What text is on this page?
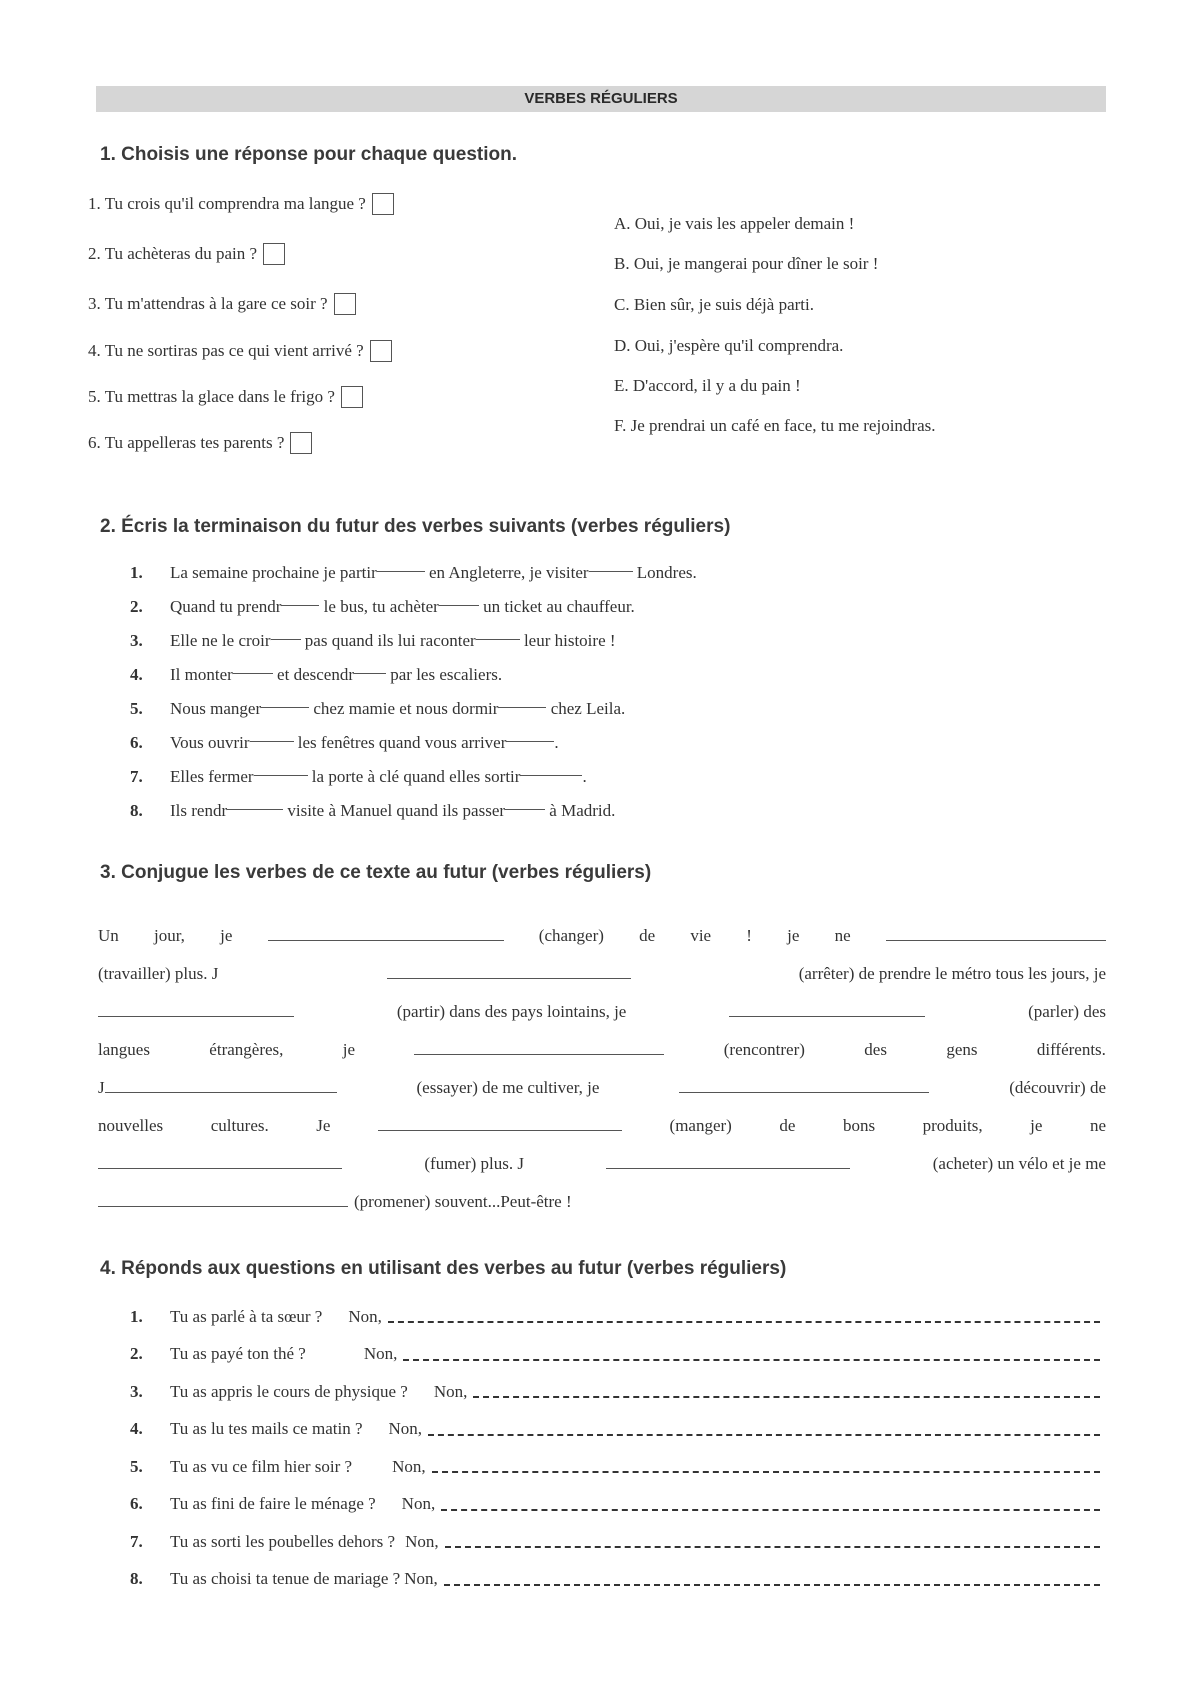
VERBES RÉGULIERS
1. Choisis une réponse pour chaque question.
1. Tu crois qu'il comprendra ma langue ?
2. Tu achèteras du pain ?
3. Tu m'attendras à la gare ce soir ?
4. Tu ne sortiras pas ce qui vient arrivé ?
5. Tu mettras la glace dans le frigo ?
6. Tu appelleras tes parents ?
A. Oui, je vais les appeler demain !
B. Oui, je mangerai pour dîner le soir !
C. Bien sûr, je suis déjà parti.
D. Oui, j'espère qu'il comprendra.
E. D'accord, il y a du pain !
F. Je prendrai un café en face, tu me rejoindras.
2. Écris la terminaison du futur des verbes suivants (verbes réguliers)
1.	La semaine prochaine je partir
	en Angleterre, je visiter
	Londres.
2.	Quand tu prendr
le bus, tu achèter
	un ticket au chauffeur.
3.	Elle ne le croir
pas quand ils lui raconter
	leur histoire !
4.	Il monter
	et descendr
par les escaliers.
5.	Nous manger
	chez mamie et nous dormir
	chez Leila.
6.	Vous ouvrir
	les fenêtres quand vous arriver	.
7.	Elles fermer
	la porte à clé quand elles sortir	.
8.	Ils rendr
	visite à Manuel quand ils passer
	à Madrid.
3. Conjugue les verbes de ce texte au futur (verbes réguliers)
Un jour, je	(changer) de vie ! je ne
(travailler) plus. J	(arrêter) de prendre le métro tous les jours, je
(partir) dans des pays lointains, je	(parler) des
langues	étrangères,	je	(rencontrer)	des	gens	différents.
J	(essayer) de me cultiver, je	(découvrir) de
nouvelles	cultures.	Je	(manger)	de	bons	produits,	je	ne
(fumer) plus. J	(acheter) un vélo et je me
(promener) souvent...Peut-être !
4. Réponds aux questions en utilisant des verbes au futur (verbes réguliers)
1.	Tu as parlé à ta sœur ? Non,
2.	Tu as payé ton thé ?	Non,
3.	Tu as appris le cours de physique ? Non,
4.	Tu as lu tes mails ce matin ? Non,
5.	Tu as vu ce film hier soir ? Non,
6.	Tu as fini de faire le ménage ? Non,
7.	Tu as sorti les poubelles dehors ? Non,
8.	Tu as choisi ta tenue de mariage ? Non,
